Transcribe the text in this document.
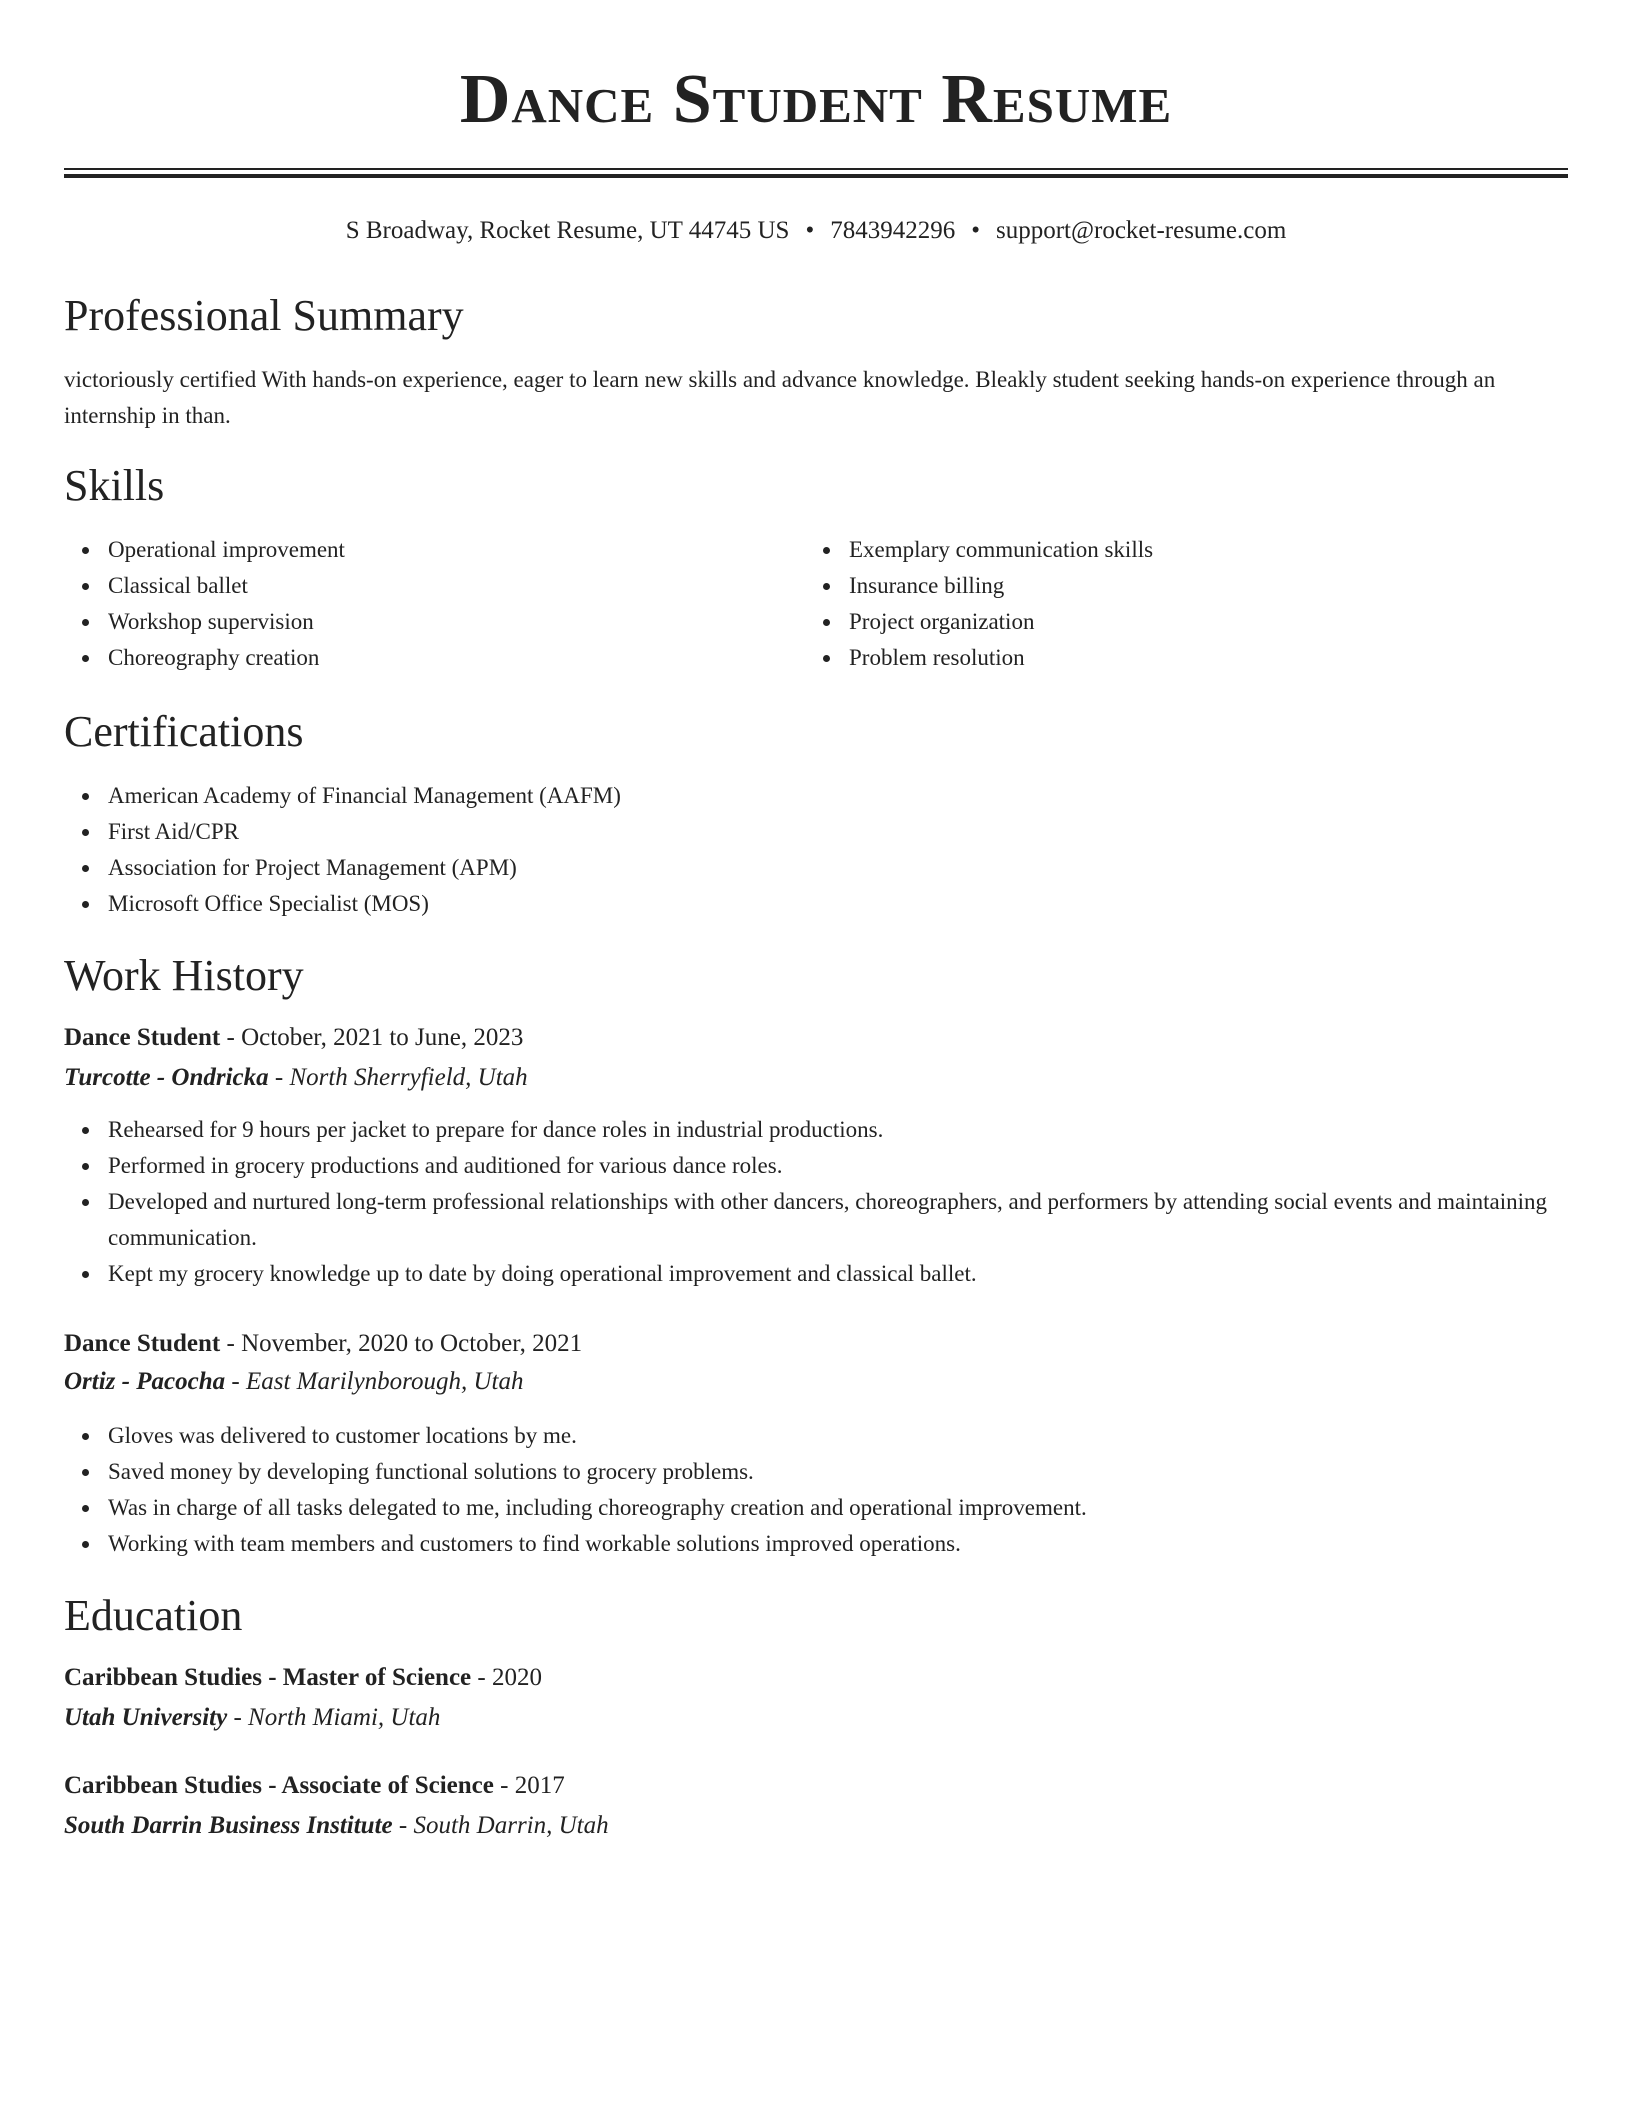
Dance Student Resume
S Broadway, Rocket Resume, UT 44745 US • 7843942296 • support@rocket-resume.com
Professional Summary

victoriously certified With hands-on experience, eager to learn new skills and advance knowledge. Bleakly student seeking hands-on experience through an internship in than.

Skills
Operational improvement
Classical ballet
Workshop supervision
Choreography creation
Exemplary communication skills
Insurance billing
Project organization
Problem resolution
Certifications
American Academy of Financial Management (AAFM)
First Aid/CPR
Association for Project Management (APM)
Microsoft Office Specialist (MOS)
Work History
Dance Student - October, 2021 to June, 2023
Turcotte - Ondricka - North Sherryfield, Utah
Rehearsed for 9 hours per jacket to prepare for dance roles in industrial productions.
Performed in grocery productions and auditioned for various dance roles.
Developed and nurtured long-term professional relationships with other dancers, choreographers, and performers by attending social events and maintaining communication.
Kept my grocery knowledge up to date by doing operational improvement and classical ballet.
Dance Student - November, 2020 to October, 2021
Ortiz - Pacocha - East Marilynborough, Utah
Gloves was delivered to customer locations by me.
Saved money by developing functional solutions to grocery problems.
Was in charge of all tasks delegated to me, including choreography creation and operational improvement.
Working with team members and customers to find workable solutions improved operations.
Education
Caribbean Studies - Master of Science - 2020
Utah University - North Miami, Utah
Caribbean Studies - Associate of Science - 2017
South Darrin Business Institute - South Darrin, Utah
